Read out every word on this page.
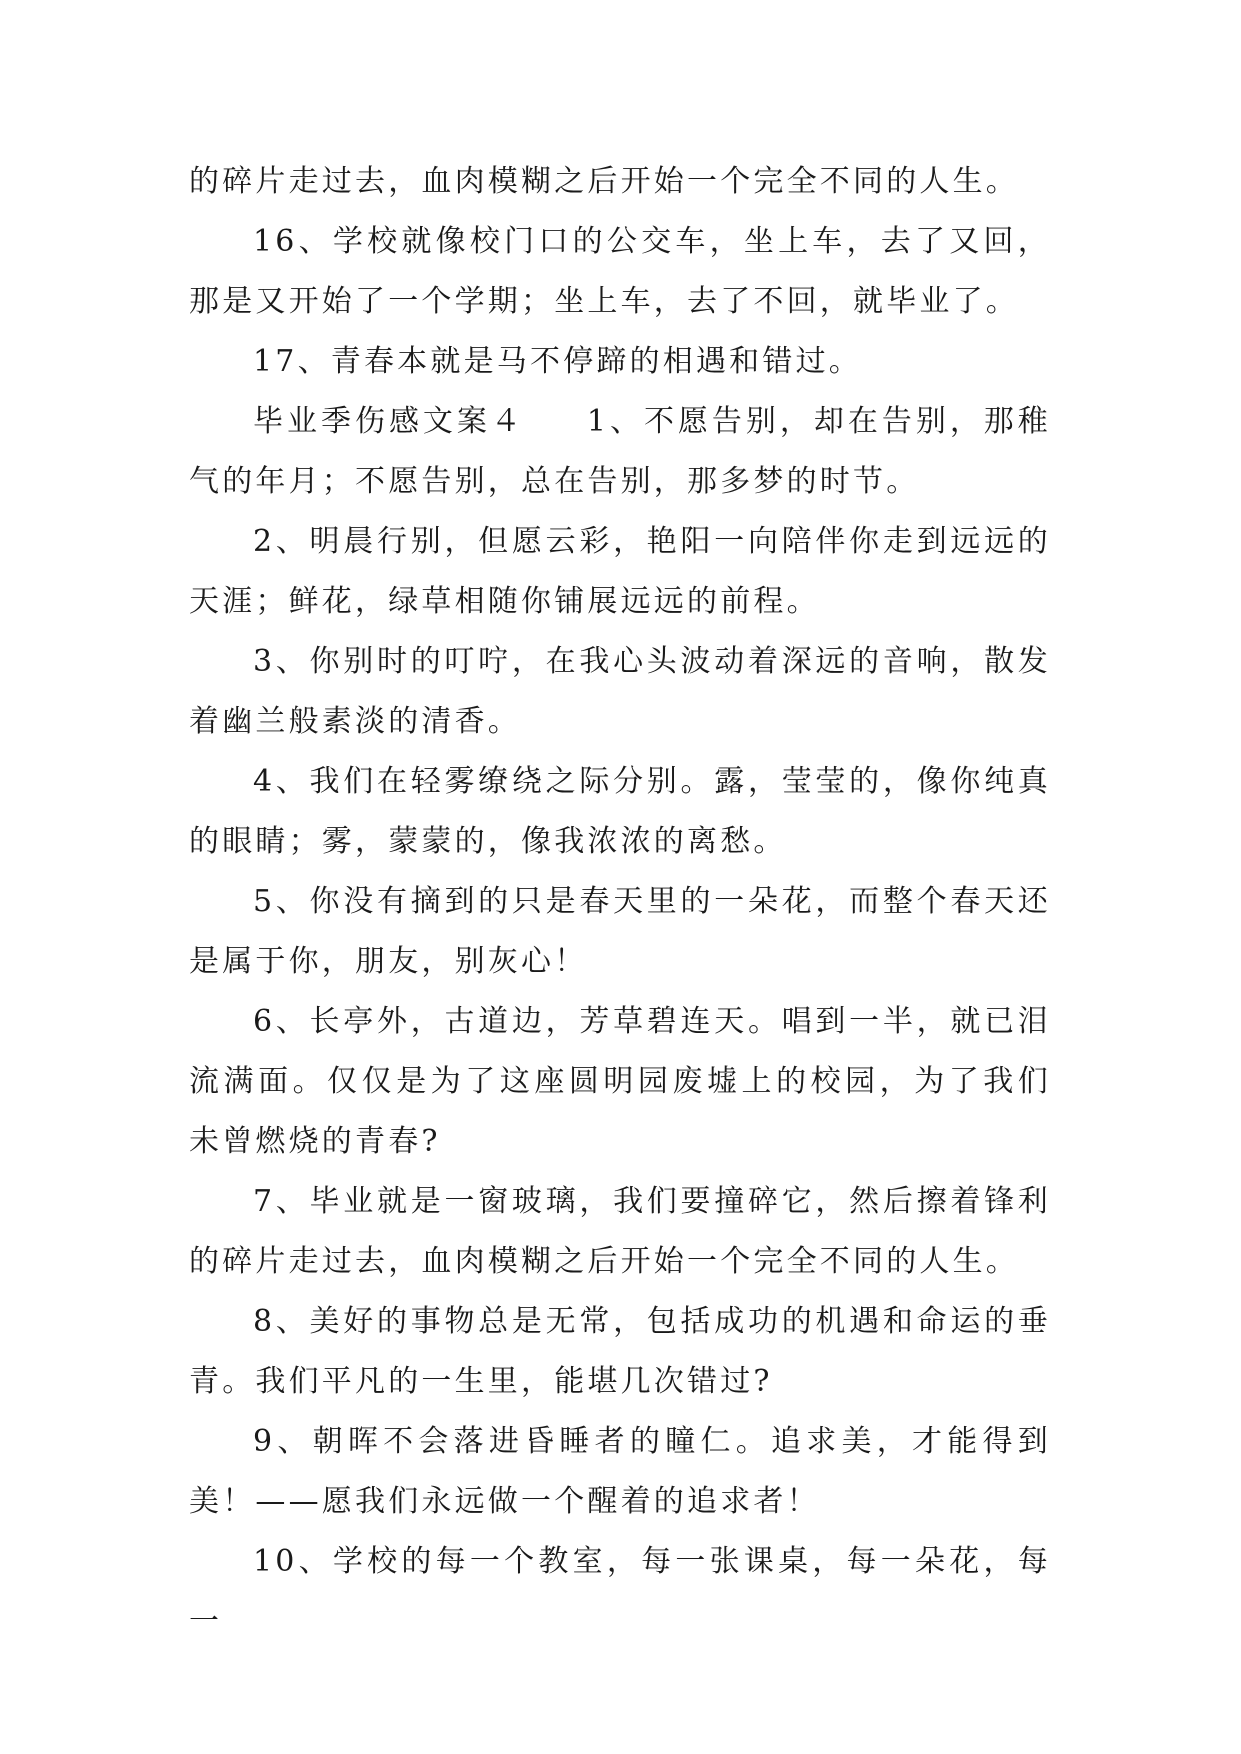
的碎片走过去，血肉模糊之后开始一个完全不同的人生。

16、学校就像校门口的公交车，坐上车，去了又回，那是又开始了一个学期；坐上车，去了不回，就毕业了。

17、青春本就是马不停蹄的相遇和错过。

毕业季伤感文案４ 1、不愿告别，却在告别，那稚气的年月；不愿告别，总在告别，那多梦的时节。

2、明晨行别，但愿云彩，艳阳一向陪伴你走到远远的天涯；鲜花，绿草相随你铺展远远的前程。

3、你别时的叮咛，在我心头波动着深远的音响，散发着幽兰般素淡的清香。

4、我们在轻雾缭绕之际分别。露，莹莹的，像你纯真的眼睛；雾，蒙蒙的，像我浓浓的离愁。

5、你没有摘到的只是春天里的一朵花，而整个春天还是属于你，朋友，别灰心！

6、长亭外，古道边，芳草碧连天。唱到一半，就已泪流满面。仅仅是为了这座圆明园废墟上的校园，为了我们未曾燃烧的青春?

7、毕业就是一窗玻璃，我们要撞碎它，然后擦着锋利的碎片走过去，血肉模糊之后开始一个完全不同的人生。

8、美好的事物总是无常，包括成功的机遇和命运的垂青。我们平凡的一生里，能堪几次错过?

9、朝晖不会落进昏睡者的瞳仁。追求美，才能得到美！——愿我们永远做一个醒着的追求者！

10、学校的每一个教室，每一张课桌，每一朵花，每一
